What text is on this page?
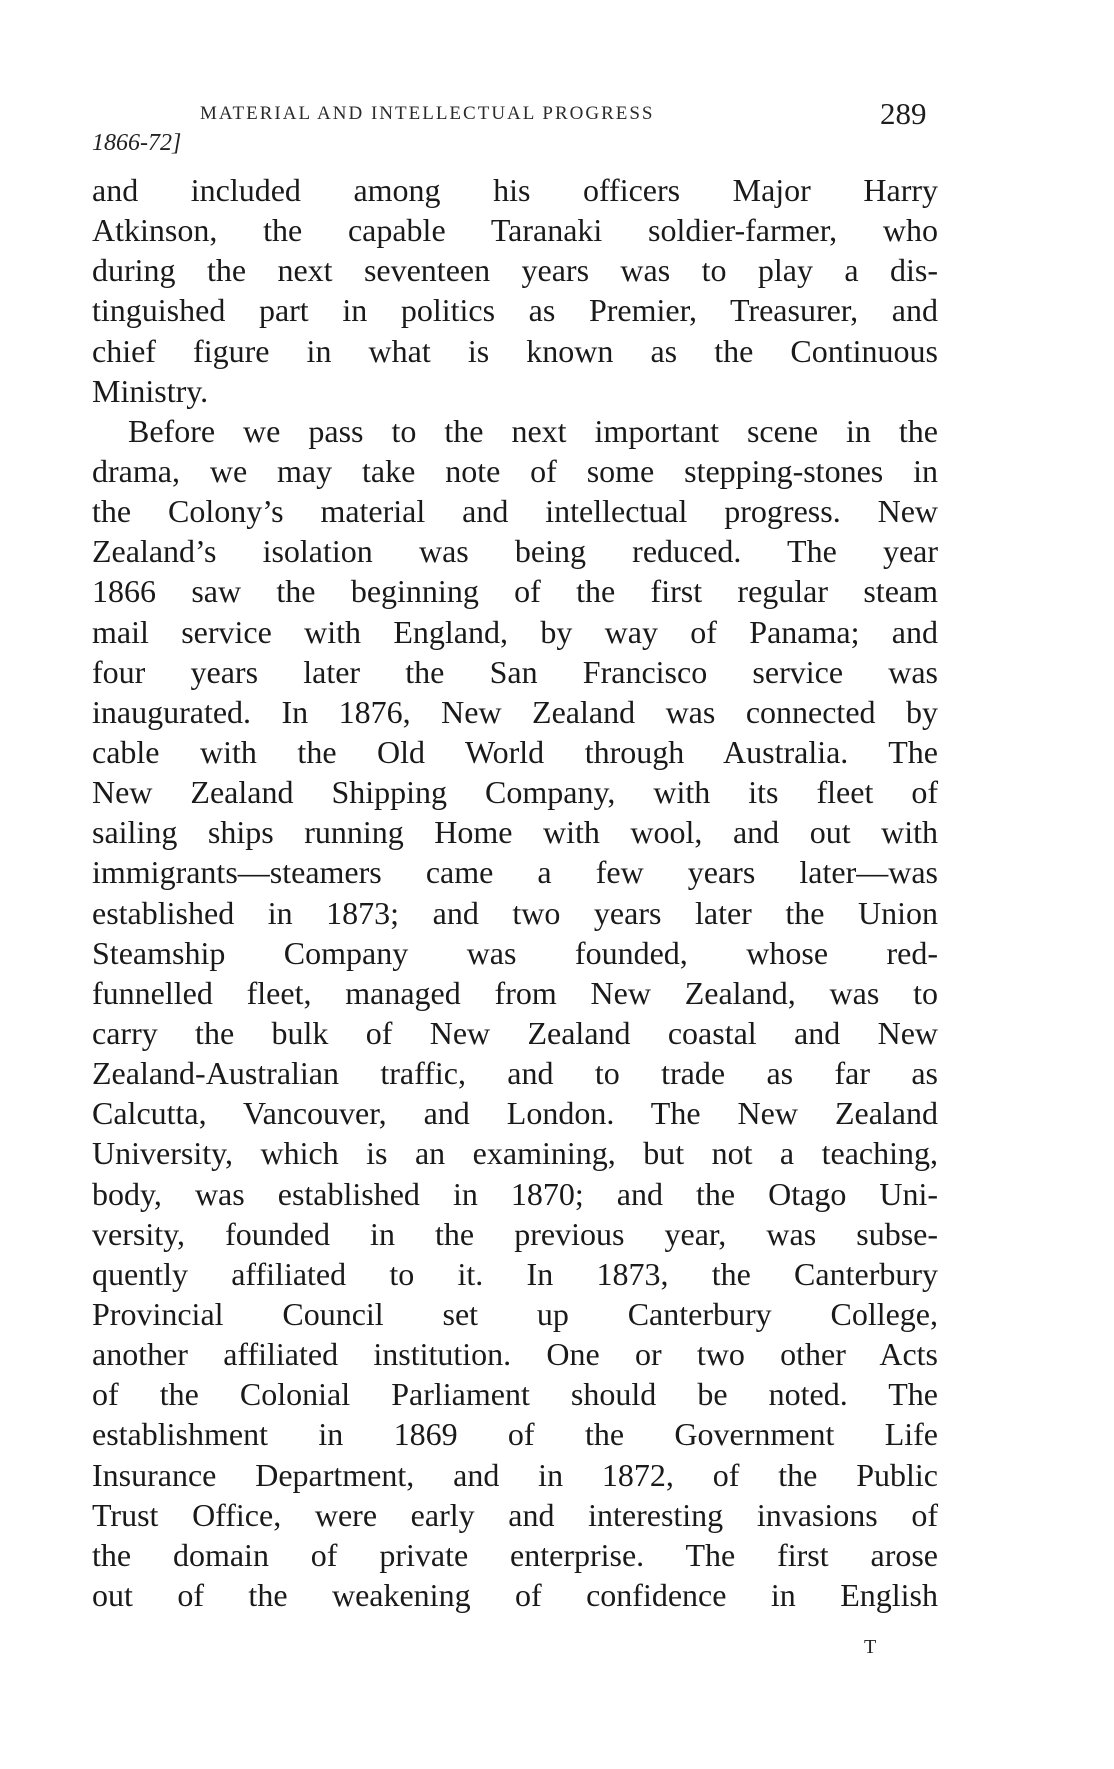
MATERIAL AND INTELLECTUAL PROGRESS	289
1866-72]
and included among his officers Major Harry
Atkinson, the capable Taranaki soldier-farmer, who
during the next seventeen years was to play a dis-
tinguished part in politics as Premier, Treasurer, and
chief figure in what is known as the Continuous
Ministry.
Before we pass to the next important scene in the
drama, we may take note of some stepping-stones in
the Colony’s material and intellectual progress. New
Zealand’s isolation was being reduced. The year
1866 saw the beginning of the first regular steam
mail service with England, by way of Panama; and
four years later the San Francisco service was
inaugurated. In 1876, New Zealand was connected by
cable with the Old World through Australia. The
New Zealand Shipping Company, with its fleet of
sailing ships running Home with wool, and out with
immigrants—steamers came a few years later—was
established in 1873; and two years later the Union
Steamship Company was founded, whose red-
funnelled fleet, managed from New Zealand, was to
carry the bulk of New Zealand coastal and New
Zealand-Australian traffic, and to trade as far as
Calcutta, Vancouver, and London. The New Zealand
University, which is an examining, but not a teaching,
body, was established in 1870; and the Otago Uni-
versity, founded in the previous year, was subse-
quently affiliated to it. In 1873, the Canterbury
Provincial Council set up Canterbury College,
another affiliated institution. One or two other Acts
of the Colonial Parliament should be noted. The
establishment in 1869 of the Government Life
Insurance Department, and in 1872, of the Public
Trust Office, were early and interesting invasions of
the domain of private enterprise. The first arose
out of the weakening of confidence in English
T
